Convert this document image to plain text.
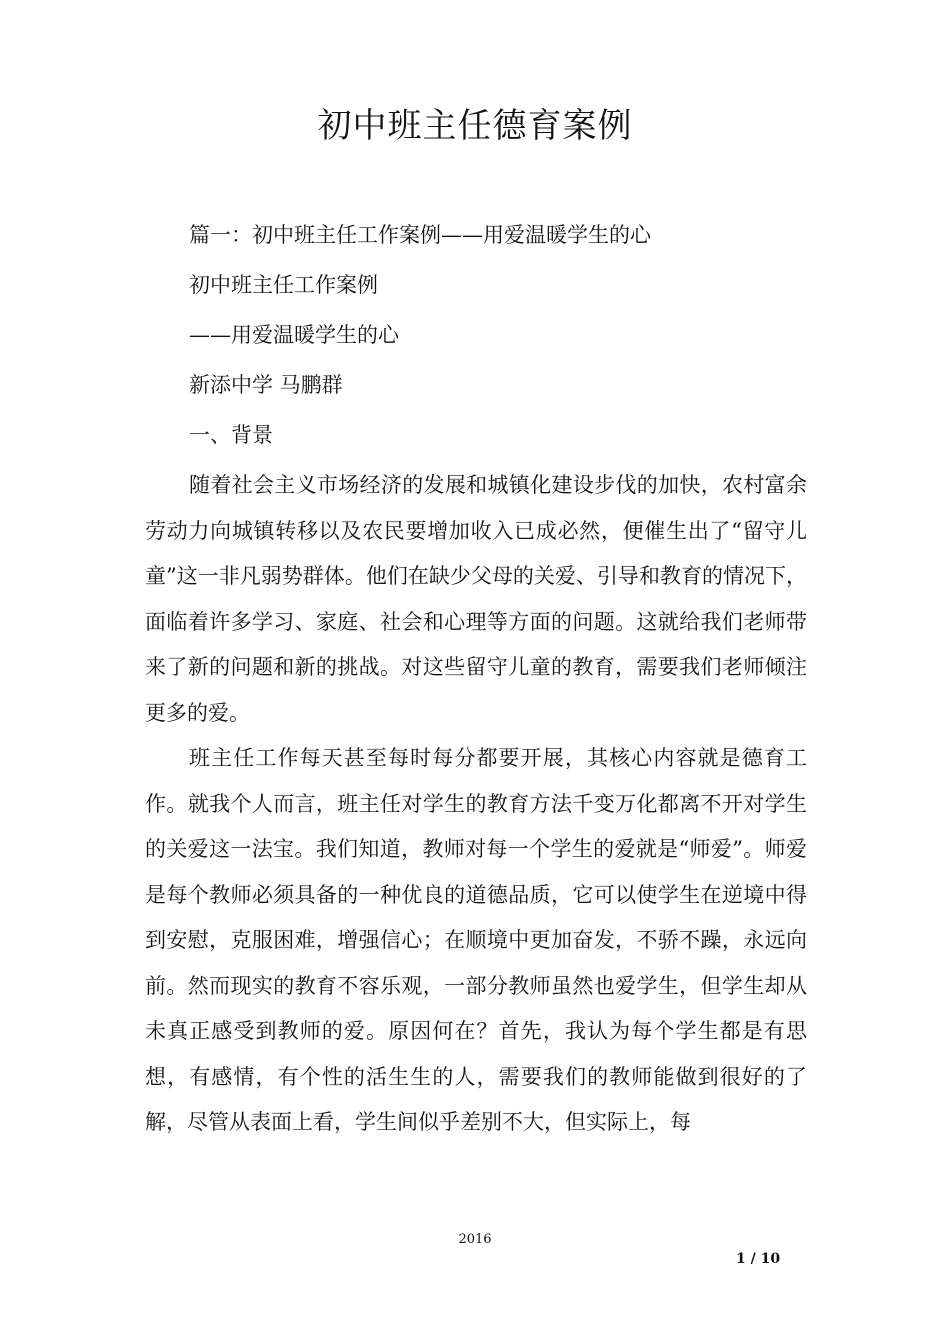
初中班主任德育案例
篇一：初中班主任工作案例——用爱温暖学生的心
初中班主任工作案例
——用爱温暖学生的心
新添中学 马鹏群
一、背景

随着社会主义市场经济的发展和城镇化建设步伐的加快，农村富余劳动力向城镇转移以及农民要增加收入已成必然，便催生出了“留守儿童”这一非凡弱势群体。他们在缺少父母的关爱、引导和教育的情况下，面临着许多学习、家庭、社会和心理等方面的问题。这就给我们老师带来了新的问题和新的挑战。对这些留守儿童的教育，需要我们老师倾注更多的爱。

班主任工作每天甚至每时每分都要开展，其核心内容就是德育工作。就我个人而言，班主任对学生的教育方法千变万化都离不开对学生的关爱这一法宝。我们知道，教师对每一个学生的爱就是“师爱”。师爱是每个教师必须具备的一种优良的道德品质，它可以使学生在逆境中得到安慰，克服困难，增强信心；在顺境中更加奋发，不骄不躁，永远向前。然而现实的教育不容乐观，一部分教师虽然也爱学生，但学生却从未真正感受到教师的爱。原因何在？首先，我认为每个学生都是有思想，有感情，有个性的活生生的人，需要我们的教师能做到很好的了解，尽管从表面上看，学生间似乎差别不大，但实际上，每

2016
1 / 10
